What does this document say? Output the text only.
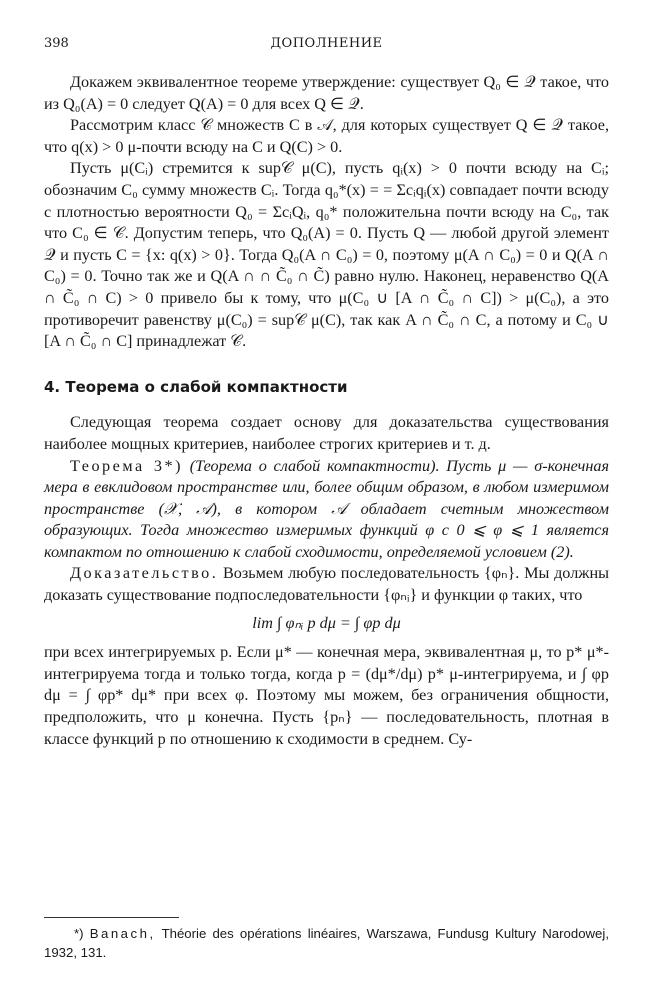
398	ДОПОЛНЕНИЕ

Докажем эквивалентное теореме утверждение: существует Q₀ ∈ 𝒬 такое, что из Q₀(A) = 0 следует Q(A) = 0 для всех Q ∈ 𝒬.

Рассмотрим класс 𝒞 множеств C в 𝒜, для которых существует Q ∈ 𝒬 такое, что q(x) > 0 μ-почти всюду на C и Q(C) > 0.

Пусть μ(Cᵢ) стремится к sup𝒞 μ(C), пусть qᵢ(x) > 0 почти всюду на Cᵢ; обозначим C₀ сумму множеств Cᵢ. Тогда q₀*(x) = = Σcᵢqᵢ(x) совпадает почти всюду с плотностью вероятности Q₀ = ΣcᵢQᵢ, q₀* положительна почти всюду на C₀, так что C₀ ∈ 𝒞. Допустим теперь, что Q₀(A) = 0. Пусть Q — любой другой элемент 𝒬 и пусть C = {x: q(x) > 0}. Тогда Q₀(A ∩ C₀) = 0, поэтому μ(A ∩ C₀) = 0 и Q(A ∩ C₀) = 0. Точно так же и Q(A ∩ ∩ C̃₀ ∩ C̃) равно нулю. Наконец, неравенство Q(A ∩ C̃₀ ∩ C) > 0 привело бы к тому, что μ(C₀ ∪ [A ∩ C̃₀ ∩ C]) > μ(C₀), а это противоречит равенству μ(C₀) = sup𝒞 μ(C), так как A ∩ C̃₀ ∩ C, а потому и C₀ ∪ [A ∩ C̃₀ ∩ C] принадлежат 𝒞.

4. Теорема о слабой компактности

Следующая теорема создает основу для доказательства существования наиболее мощных критериев, наиболее строгих критериев и т. д.

Теорема 3*) (Теорема о слабой компактности). Пусть μ — σ-конечная мера в евклидовом пространстве или, более общим образом, в любом измеримом пространстве (𝒳, 𝒜), в котором 𝒜 обладает счетным множеством образующих. Тогда множество измеримых функций φ с 0 ⩽ φ ⩽ 1 является компактом по отношению к слабой сходимости, определяемой условием (2).

Доказательство. Возьмем любую последовательность {φₙ}. Мы должны доказать существование подпоследовательности {φₙᵢ} и функции φ таких, что

lim ∫ φₙᵢ p dμ = ∫ φp dμ

при всех интегрируемых p. Если μ* — конечная мера, эквивалентная μ, то p* μ*-интегрируема тогда и только тогда, когда p = (dμ*/dμ) p* μ-интегрируема, и ∫ φp dμ = ∫ φp* dμ* при всех φ. Поэтому мы можем, без ограничения общности, предположить, что μ конечна. Пусть {pₙ} — последовательность, плотная в классе функций p по отношению к сходимости в среднем. Су-

*) Banach, Théorie des opérations linéaires, Warszawa, Fundusg Kultury Narodowej, 1932, 131.
